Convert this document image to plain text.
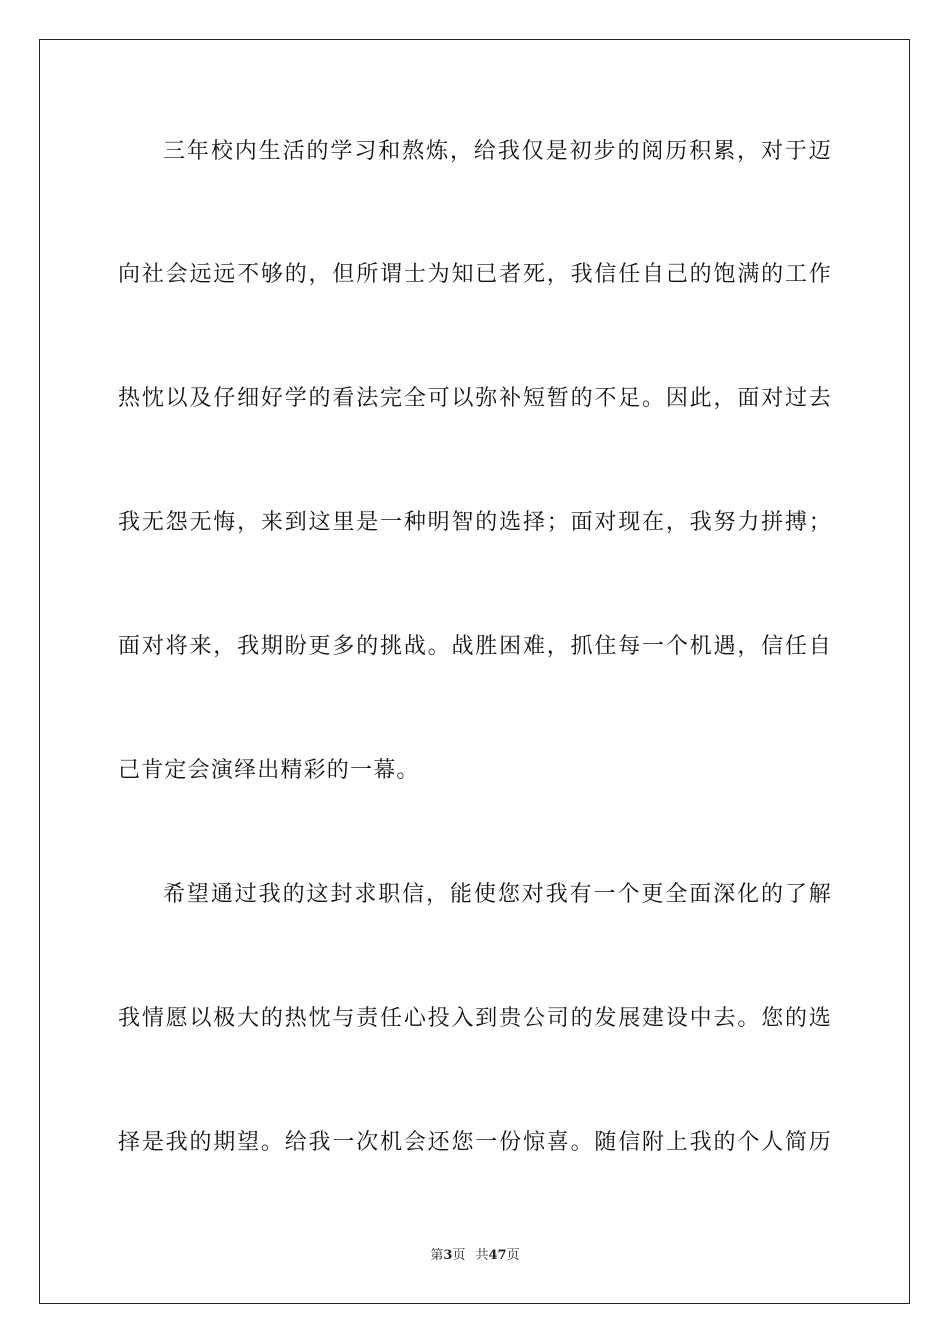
三年校内生活的学习和熬炼，给我仅是初步的阅历积累，对于迈
向社会远远不够的，但所谓士为知已者死，我信任自己的饱满的工作
热忱以及仔细好学的看法完全可以弥补短暂的不足。因此，面对过去
我无怨无悔，来到这里是一种明智的选择；面对现在，我努力拼搏；
面对将来，我期盼更多的挑战。战胜困难，抓住每一个机遇，信任自
己肯定会演绎出精彩的一幕。
希望通过我的这封求职信，能使您对我有一个更全面深化的了解
我情愿以极大的热忱与责任心投入到贵公司的发展建设中去。您的选
择是我的期望。给我一次机会还您一份惊喜。随信附上我的个人简历
第3页 共47页
